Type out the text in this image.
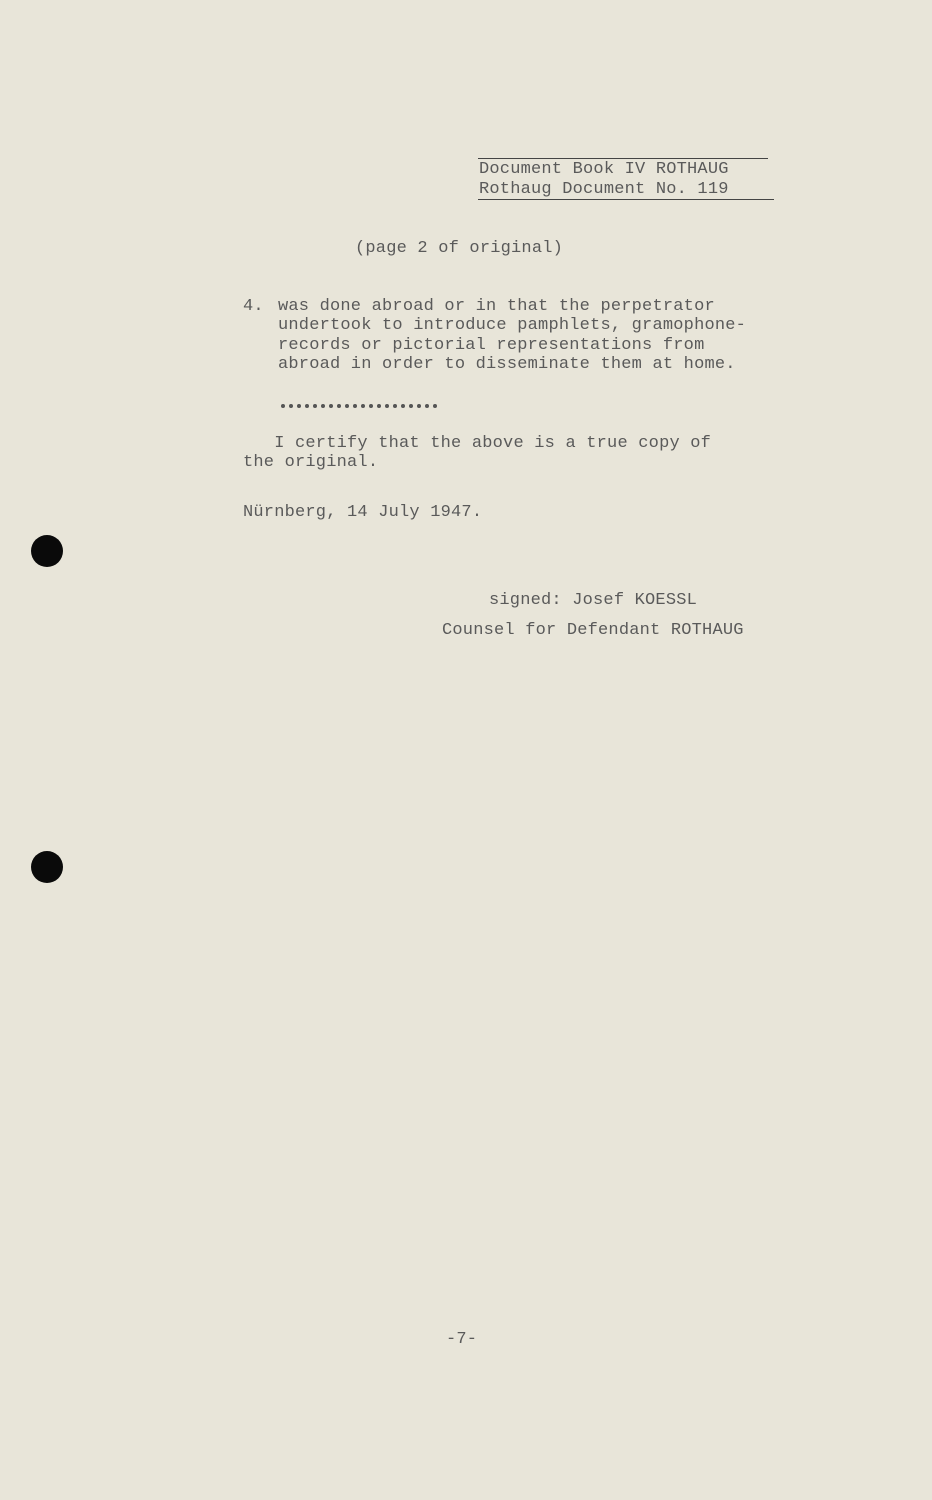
Document Book IV ROTHAUG
Rothaug Document No. 119
(page 2 of original)
4. was done abroad or in that the perpetrator
undertook to introduce pamphlets, gramophone-
records or pictorial representations from
abroad in order to disseminate them at home.
I certify that the above is a true copy of
the original.
Nürnberg, 14 July 1947.
signed: Josef KOESSL
Counsel for Defendant ROTHAUG
-7-
